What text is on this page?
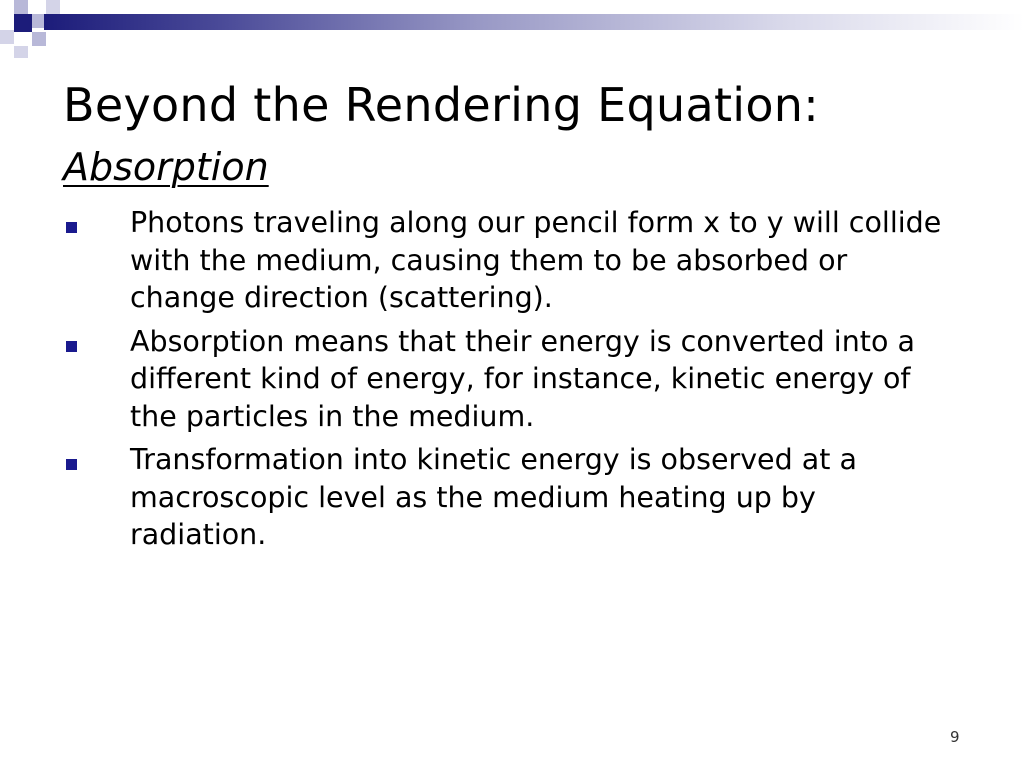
Beyond the Rendering Equation:
Absorption
Photons traveling along our pencil form x to y will collide with the medium, causing them to be absorbed or change direction (scattering).
Absorption means that their energy is converted into a different kind of energy, for instance, kinetic energy of the particles in the medium.
Transformation into kinetic energy is observed at a macroscopic level as the medium heating up by radiation.
9
